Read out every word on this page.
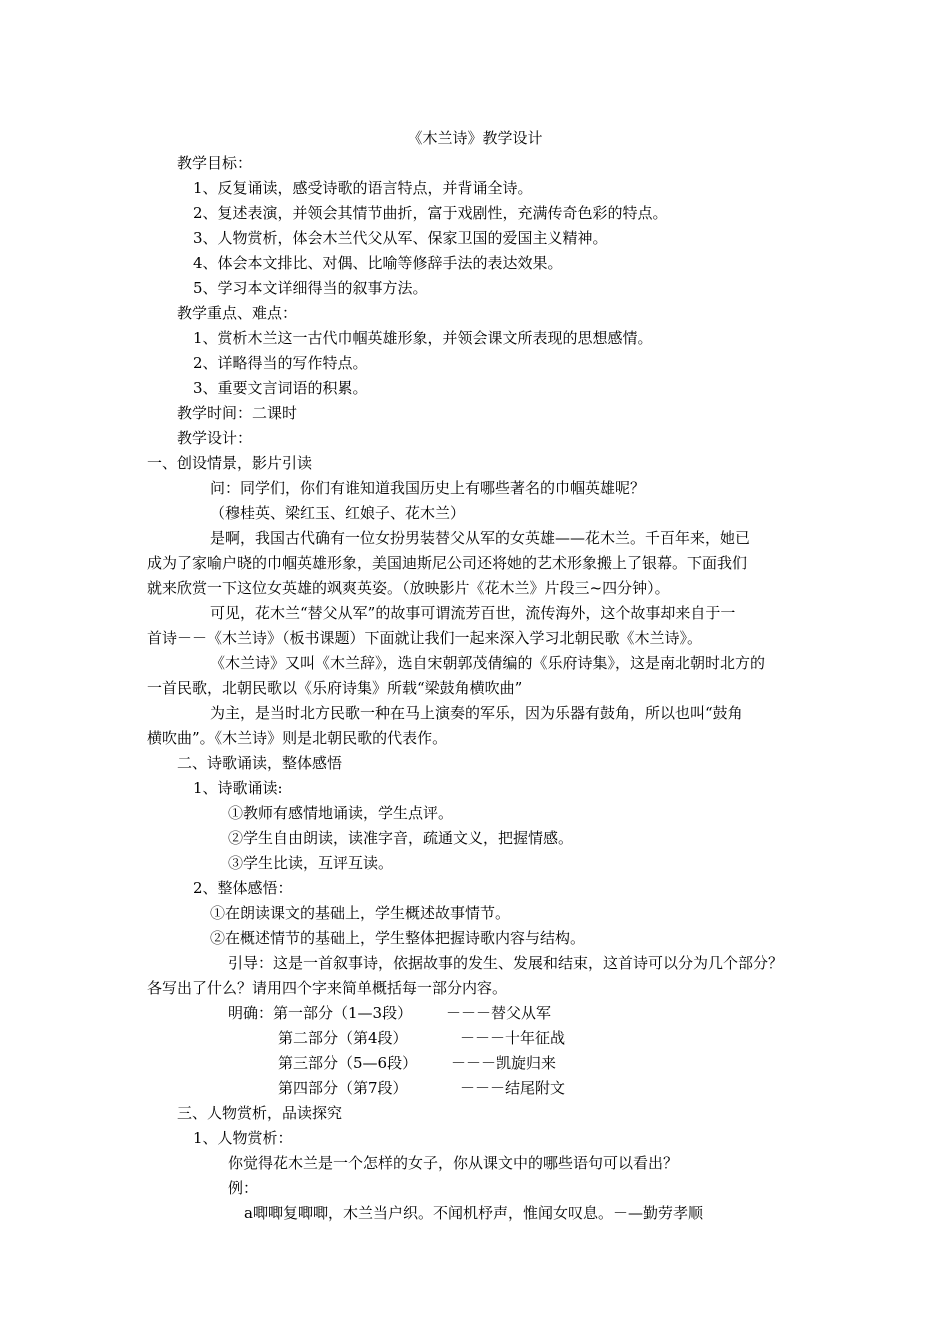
《木兰诗》教学设计
教学目标：
1、反复诵读，感受诗歌的语言特点，并背诵全诗。
2、复述表演，并领会其情节曲折，富于戏剧性，充满传奇色彩的特点。
3、人物赏析，体会木兰代父从军、保家卫国的爱国主义精神。
4、体会本文排比、对偶、比喻等修辞手法的表达效果。
5、学习本文详细得当的叙事方法。
教学重点、难点：
1、赏析木兰这一古代巾帼英雄形象，并领会课文所表现的思想感情。
2、详略得当的写作特点。
3、重要文言词语的积累。
教学时间：二课时
教学设计：
一、创设情景，影片引读
问：同学们，你们有谁知道我国历史上有哪些著名的巾帼英雄呢？
（穆桂英、梁红玉、红娘子、花木兰）
是啊，我国古代确有一位女扮男装替父从军的女英雄——花木兰。千百年来，她已
成为了家喻户晓的巾帼英雄形象，美国迪斯尼公司还将她的艺术形象搬上了银幕。下面我们
就来欣赏一下这位女英雄的飒爽英姿。（放映影片《花木兰》片段三~四分钟）。
可见，花木兰“替父从军”的故事可谓流芳百世，流传海外，这个故事却来自于一
首诗－－《木兰诗》（板书课题）下面就让我们一起来深入学习北朝民歌《木兰诗》。
《木兰诗》又叫《木兰辞》，选自宋朝郭茂倩编的《乐府诗集》，这是南北朝时北方的
一首民歌，北朝民歌以《乐府诗集》所载“梁鼓角横吹曲”
为主，是当时北方民歌一种在马上演奏的军乐，因为乐器有鼓角，所以也叫“鼓角
横吹曲”。《木兰诗》则是北朝民歌的代表作。
二、诗歌诵读，整体感悟
1、诗歌诵读:
①教师有感情地诵读，学生点评。
②学生自由朗读，读准字音，疏通文义，把握情感。
③学生比读，互评互读。
2、整体感悟：
①在朗读课文的基础上，学生概述故事情节。
②在概述情节的基础上，学生整体把握诗歌内容与结构。
引导：这是一首叙事诗，依据故事的发生、发展和结束，这首诗可以分为几个部分？
各写出了什么？请用四个字来简单概括每一部分内容。
明确：第一部分（1—3段） －－－替父从军
第二部分（第4段）	－－－十年征战
第三部分（5—6段） －－－凯旋归来
第四部分（第7段）	－－－结尾附文
三、人物赏析，品读探究
1、人物赏析：
你觉得花木兰是一个怎样的女子，你从课文中的哪些语句可以看出？
例：
a唧唧复唧唧，木兰当户织。不闻机杼声，惟闻女叹息。－—勤劳孝顺
